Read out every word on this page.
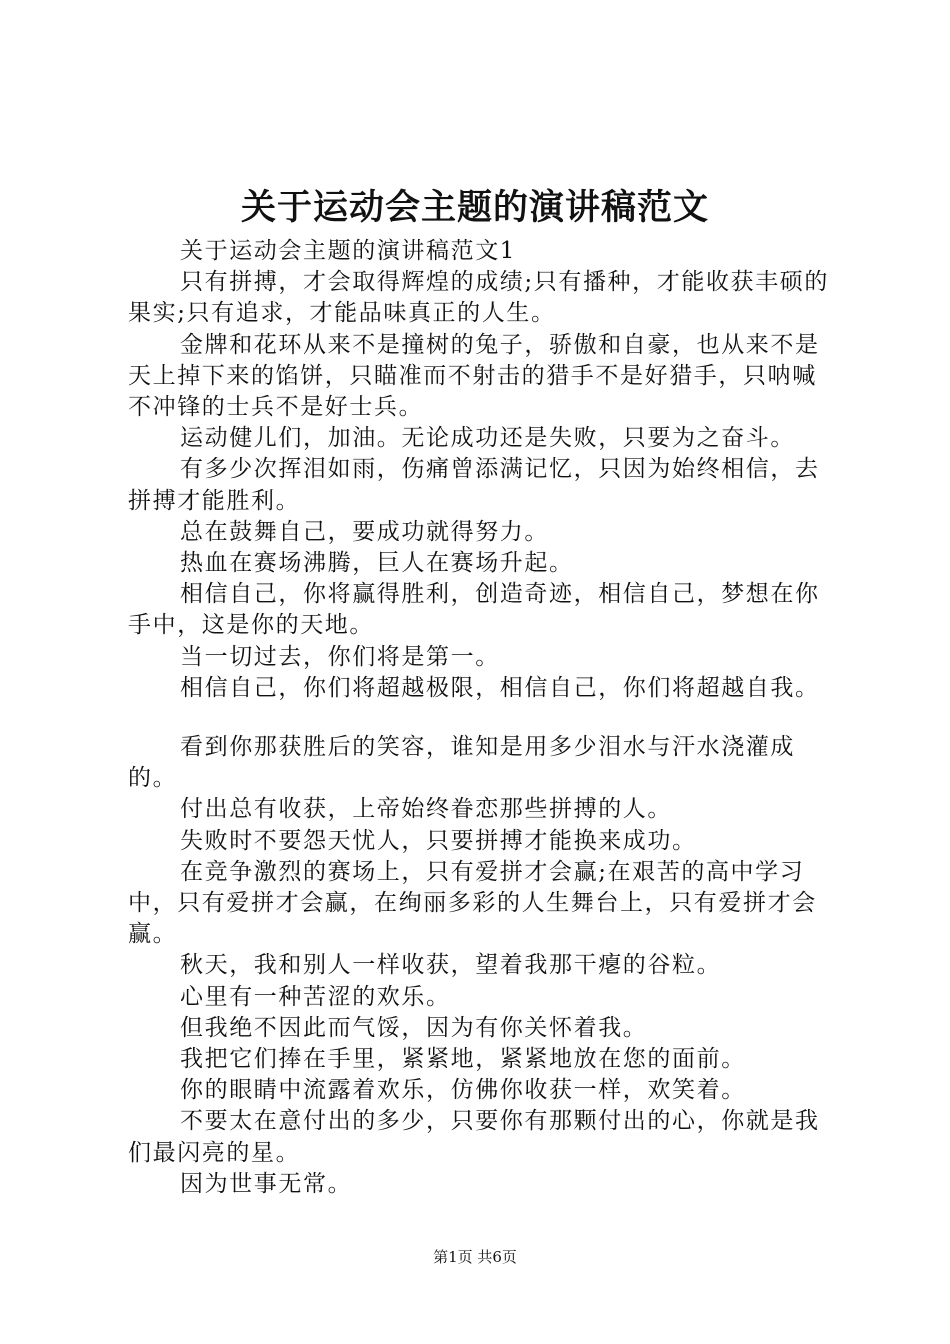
关于运动会主题的演讲稿范文

关于运动会主题的演讲稿范文1

只有拼搏，才会取得辉煌的成绩;只有播种，才能收获丰硕的果实;只有追求，才能品味真正的人生。

金牌和花环从来不是撞树的兔子，骄傲和自豪，也从来不是天上掉下来的馅饼，只瞄准而不射击的猎手不是好猎手，只呐喊不冲锋的士兵不是好士兵。

运动健儿们，加油。无论成功还是失败，只要为之奋斗。

有多少次挥泪如雨，伤痛曾添满记忆，只因为始终相信，去拼搏才能胜利。

总在鼓舞自己，要成功就得努力。

热血在赛场沸腾，巨人在赛场升起。

相信自己，你将赢得胜利，创造奇迹，相信自己，梦想在你手中，这是你的天地。

当一切过去，你们将是第一。

相信自己，你们将超越极限，相信自己，你们将超越自我。

看到你那获胜后的笑容，谁知是用多少泪水与汗水浇灌成的。

付出总有收获，上帝始终眷恋那些拼搏的人。

失败时不要怨天忧人，只要拼搏才能换来成功。

在竞争激烈的赛场上，只有爱拼才会赢;在艰苦的高中学习中，只有爱拼才会赢，在绚丽多彩的人生舞台上，只有爱拼才会赢。

秋天，我和别人一样收获，望着我那干瘪的谷粒。

心里有一种苦涩的欢乐。

但我绝不因此而气馁，因为有你关怀着我。

我把它们捧在手里，紧紧地，紧紧地放在您的面前。

你的眼睛中流露着欢乐，仿佛你收获一样，欢笑着。

不要太在意付出的多少，只要你有那颗付出的心，你就是我们最闪亮的星。

因为世事无常。

第1页 共6页
